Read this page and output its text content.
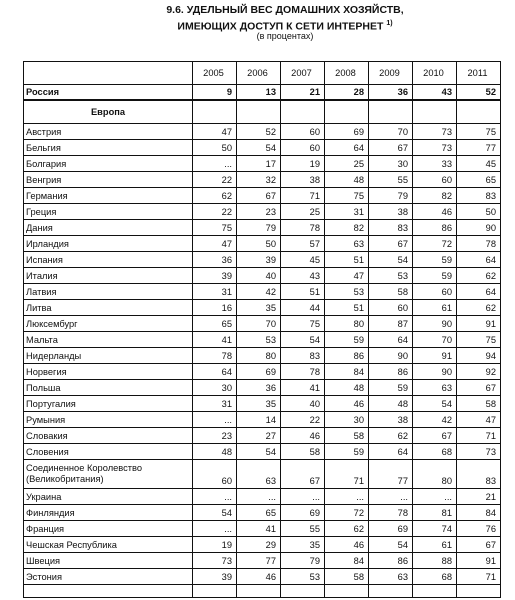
9.6. УДЕЛЬНЫЙ ВЕС ДОМАШНИХ ХОЗЯЙСТВ,
ИМЕЮЩИХ ДОСТУП К СЕТИ ИНТЕРНЕТ $^{1)}$
(в процентах)
	2005	2006	2007	2008	2009	2010	2011
Россия	9	13	21	28	36	43	52
Европа							
Австрия	47	52	60	69	70	73	75
Бельгия	50	54	60	64	67	73	77
Болгария	...	17	19	25	30	33	45
Венгрия	22	32	38	48	55	60	65
Германия	62	67	71	75	79	82	83
Греция	22	23	25	31	38	46	50
Дания	75	79	78	82	83	86	90
Ирландия	47	50	57	63	67	72	78
Испания	36	39	45	51	54	59	64
Италия	39	40	43	47	53	59	62
Латвия	31	42	51	53	58	60	64
Литва	16	35	44	51	60	61	62
Люксембург	65	70	75	80	87	90	91
Мальта	41	53	54	59	64	70	75
Нидерланды	78	80	83	86	90	91	94
Норвегия	64	69	78	84	86	90	92
Польша	30	36	41	48	59	63	67
Португалия	31	35	40	46	48	54	58
Румыния	...	14	22	30	38	42	47
Словакия	23	27	46	58	62	67	71
Словения	48	54	58	59	64	68	73
Соединенное Королевство (Великобритания)	60	63	67	71	77	80	83
Украина	...	...	...	...	...	...	21
Финляндия	54	65	69	72	78	81	84
Франция	...	41	55	62	69	74	76
Чешская Республика	19	29	35	46	54	61	67
Швеция	73	77	79	84	86	88	91
Эстония	39	46	53	58	63	68	71
